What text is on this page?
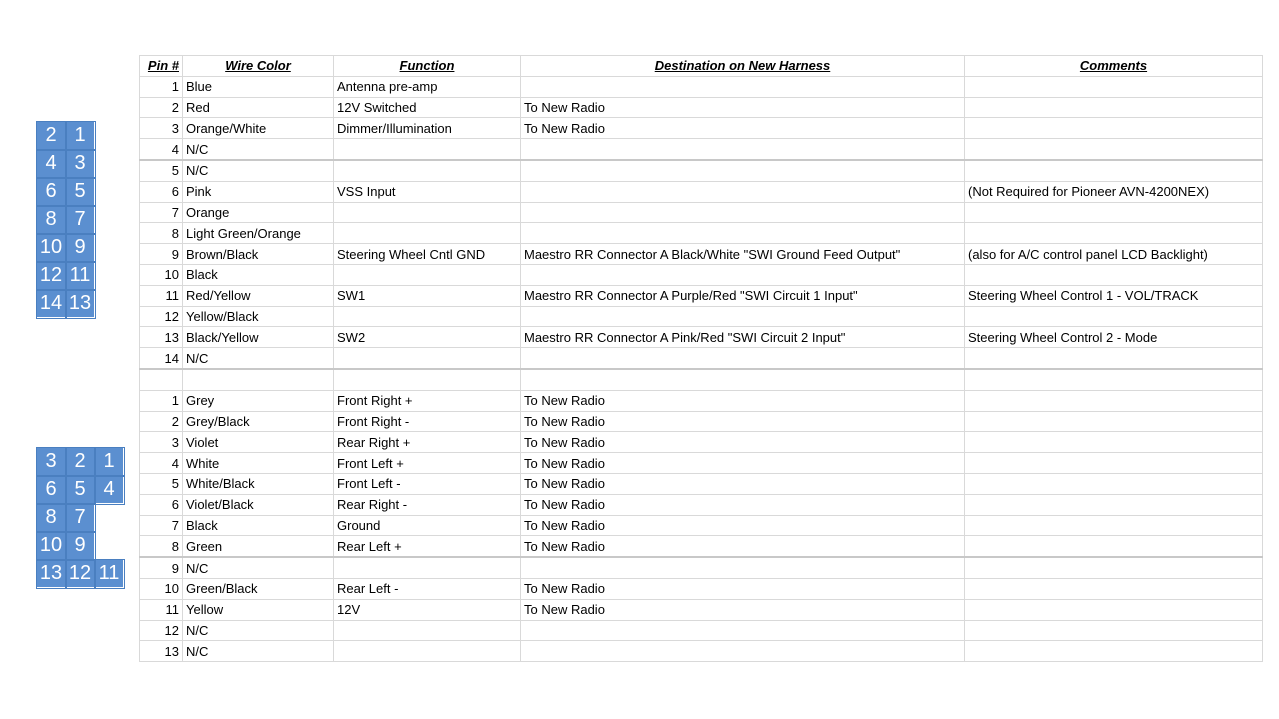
Pin #	Wire Color	Function	Destination on New Harness	Comments
1	Blue	Antenna pre-amp		
2	Red	12V Switched	To New Radio	
3	Orange/White	Dimmer/Illumination	To New Radio	
4	N/C			
5	N/C			
6	Pink	VSS Input		(Not Required for Pioneer AVN-4200NEX)
7	Orange			
8	Light Green/Orange			
9	Brown/Black	Steering Wheel Cntl GND	Maestro RR Connector A Black/White "SWI Ground Feed Output"	(also for A/C control panel LCD Backlight)
10	Black			
11	Red/Yellow	SW1	Maestro RR Connector A Purple/Red "SWI Circuit 1 Input"	Steering Wheel Control 1 - VOL/TRACK
12	Yellow/Black			
13	Black/Yellow	SW2	Maestro RR Connector A Pink/Red "SWI Circuit 2 Input"	Steering Wheel Control 2 - Mode
14	N/C			

1	Grey	Front Right +	To New Radio	
2	Grey/Black	Front Right -	To New Radio	
3	Violet	Rear Right +	To New Radio	
4	White	Front Left +	To New Radio	
5	White/Black	Front Left -	To New Radio	
6	Violet/Black	Rear Right -	To New Radio	
7	Black	Ground	To New Radio	
8	Green	Rear Left +	To New Radio	
9	N/C			
10	Green/Black	Rear Left -	To New Radio	
11	Yellow	12V	To New Radio	
12	N/C			
13	N/C			
2	1
4	3
6	5
8	7
10	9
12	11
14	13
3	2	1
6	5	4
8	7	
10	9	
13	12	11
